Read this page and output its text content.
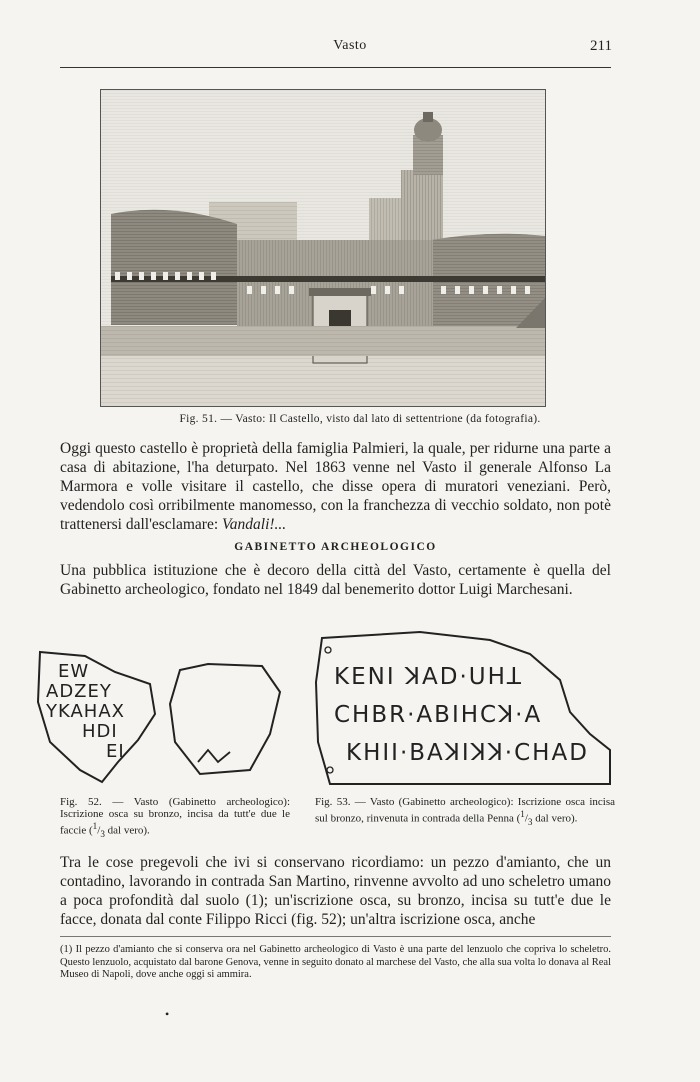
Vasto	211
Fig. 51. — Vasto: Il Castello, visto dal lato di settentrione (da fotografia).
Oggi questo castello è proprietà della famiglia Palmieri, la quale, per ridurne una parte a casa di abitazione, l'ha deturpato. Nel 1863 venne nel Vasto il generale Alfonso La Marmora e volle visitare il castello, che disse opera di muratori veneziani. Però, vedendolo così orribilmente manomesso, con la franchezza di vecchio soldato, non potè trattenersi dall'esclamare: Vandali!...
GABINETTO ARCHEOLOGICO
Una pubblica istituzione che è decoro della città del Vasto, certamente è quella del Gabinetto archeologico, fondato nel 1849 dal benemerito dottor Luigi Marchesani.
EW
ADZEY
YKAHAX
HDI
EI
KENI ꓘAD·UHꓕ
CHBR·ABIHCꓘ·A
KHII·BAꓘIꓘꓘ·CHAD
Fig. 52. — Vasto (Gabinetto archeologico): Iscrizione osca su bronzo, incisa da tutt'e due le faccie ($^1/_3$ dal vero).
Fig. 53. — Vasto (Gabinetto archeologico): Iscrizione osca incisa sul bronzo, rinvenuta in contrada della Penna ($^1/_3$ dal vero).
Tra le cose pregevoli che ivi si conservano ricordiamo: un pezzo d'amianto, che un contadino, lavorando in contrada San Martino, rinvenne avvolto ad uno scheletro umano a poca profondità dal suolo (1); un'iscrizione osca, su bronzo, incisa su tutt'e due le facce, donata dal conte Filippo Ricci (fig. 52); un'altra iscrizione osca, anche
(1) Il pezzo d'amianto che si conserva ora nel Gabinetto archeologico di Vasto è una parte del lenzuolo che copriva lo scheletro. Questo lenzuolo, acquistato dal barone Genova, venne in seguito donato al marchese del Vasto, che alla sua volta lo donava al Real Museo di Napoli, dove anche oggi si ammira.
•
